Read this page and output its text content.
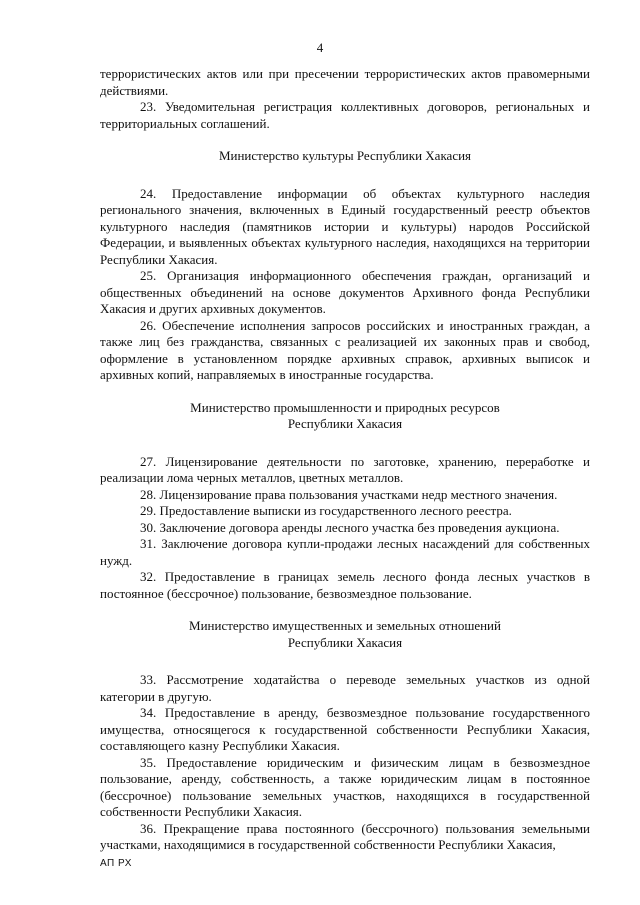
4

террористических актов или при пресечении террористических актов правомерными действиями.

23. Уведомительная регистрация коллективных договоров, региональных и территориальных соглашений.

Министерство культуры Республики Хакасия

24. Предоставление информации об объектах культурного наследия регионального значения, включенных в Единый государственный реестр объектов культурного наследия (памятников истории и культуры) народов Российской Федерации, и выявленных объектах культурного наследия, находящихся на территории Республики Хакасия.

25. Организация информационного обеспечения граждан, организаций и общественных объединений на основе документов Архивного фонда Республики Хакасия и других архивных документов.

26. Обеспечение исполнения запросов российских и иностранных граждан, а также лиц без гражданства, связанных с реализацией их законных прав и свобод, оформление в установленном порядке архивных справок, архивных выписок и архивных копий, направляемых в иностранные государства.

Министерство промышленности и природных ресурсов
Республики Хакасия

27. Лицензирование деятельности по заготовке, хранению, переработке и реализации лома черных металлов, цветных металлов.

28. Лицензирование права пользования участками недр местного значения.

29. Предоставление выписки из государственного лесного реестра.

30. Заключение договора аренды лесного участка без проведения аукциона.

31. Заключение договора купли-продажи лесных насаждений для собственных нужд.

32. Предоставление в границах земель лесного фонда лесных участков в постоянное (бессрочное) пользование, безвозмездное пользование.

Министерство имущественных и земельных отношений
Республики Хакасия

33. Рассмотрение ходатайства о переводе земельных участков из одной категории в другую.

34. Предоставление в аренду, безвозмездное пользование государственного имущества, относящегося к государственной собственности Республики Хакасия, составляющего казну Республики Хакасия.

35. Предоставление юридическим и физическим лицам в безвозмездное пользование, аренду, собственность, а также юридическим лицам в постоянное (бессрочное) пользование земельных участков, находящихся в государственной собственности Республики Хакасия.

36. Прекращение права постоянного (бессрочного) пользования земельными участками, находящимися в государственной собственности Республики Хакасия,

АП РХ
